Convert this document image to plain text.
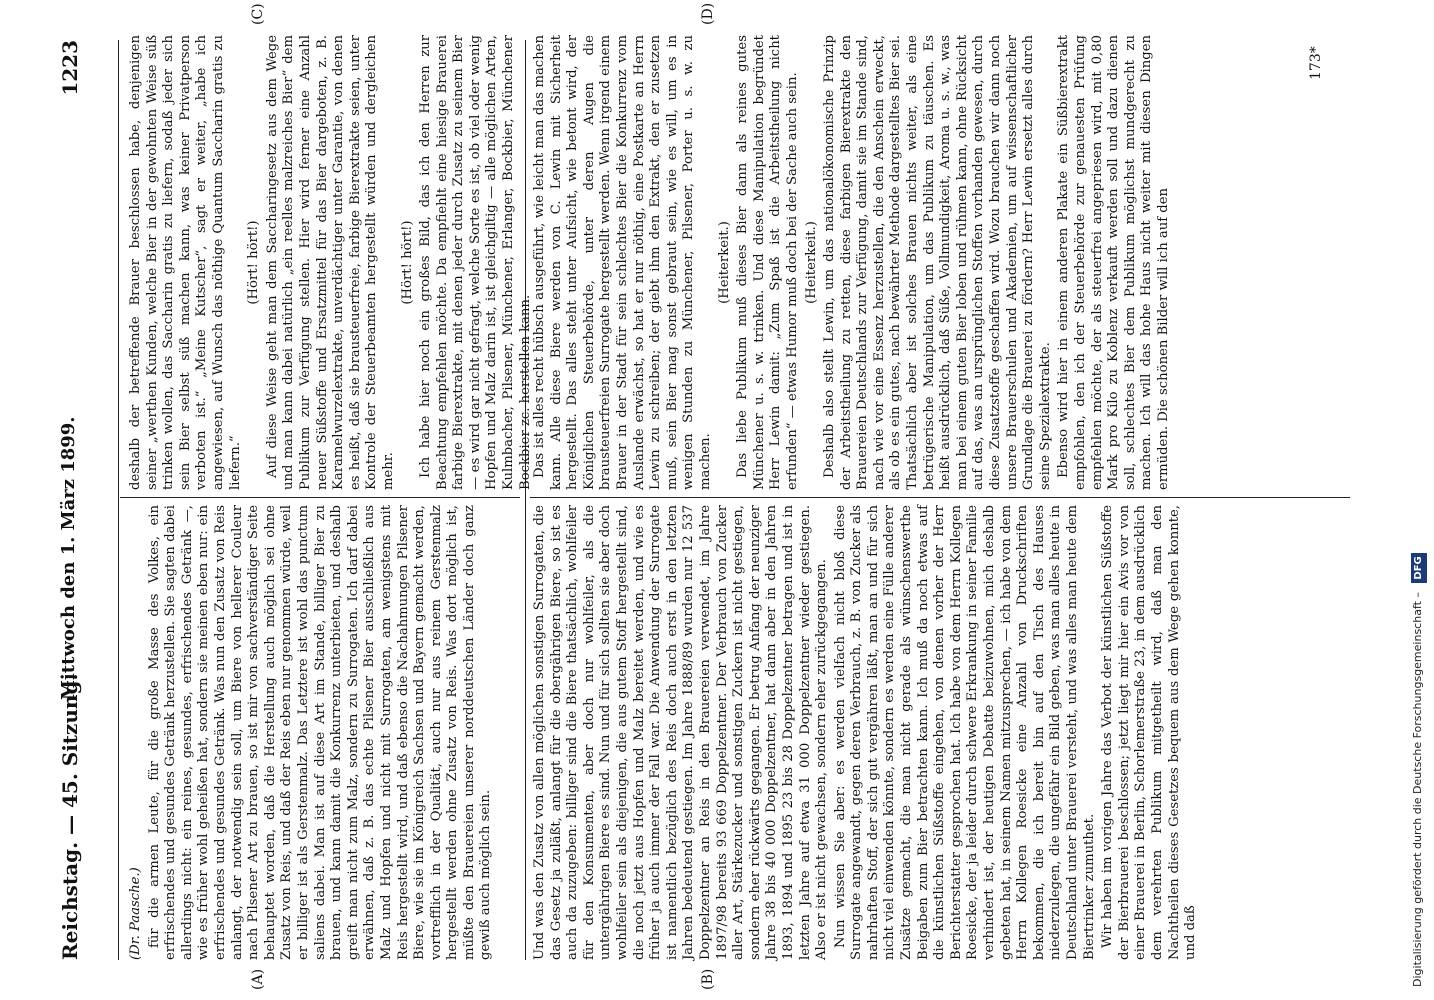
Reichstag. — 45. Sitzung.
Mittwoch den 1. März 1899.
1223
(A)	(B)
(C)	(D)

(Dr. Paasche.) für die armen Leute, für die große Masse des Volkes, ein erfrischendes und gesundes Getränk herzustellen. Sie sagten dabei allerdings nicht: ein reines, gesundes, erfrischendes Getränk —, wie es früher wohl geheißen hat, sondern sie meinen eben nur: ein erfrischendes und gesundes Getränk. Was nun den Zusatz von Reis anlangt, der notwendig sein soll, um Biere von hellerer Couleur nach Pilsener Art zu brauen, so ist mir von sachverständiger Seite behauptet worden, daß die Herstellung auch möglich sei ohne Zusatz von Reis, und daß der Reis eben nur genommen würde, weil er billiger ist als Gerstenmalz. Das Letztere ist wohl das punctum saliens dabei. Man ist auf diese Art im Stande, billiger Bier zu brauen, und kann damit die Konkurrenz unterbieten, und deshalb greift man nicht zum Malz, sondern zu Surrogaten. Ich darf dabei erwähnen, daß z. B. das echte Pilsener Bier ausschließlich aus Malz und Hopfen und nicht mit Surrogaten, am wenigstens mit Reis hergestellt wird, und daß ebenso die Nachahmungen Pilsener Biere, wie sie im Königreich Sachsen und Bayern gemacht werden, vortrefflich in der Qualität, auch nur aus reinem Gerstenmalz hergestellt werden ohne Zusatz von Reis. Was dort möglich ist, müßte den Brauereien unserer norddeutschen Länder doch ganz gewiß auch möglich sein.

deshalb der betreffende Brauer beschlossen habe, denjenigen seiner „werthen Kunden, welche Bier in der gewohnten Weise süß trinken wollen, das Saccharin gratis zu liefern, sodaß jeder sich sein Bier selbst süß machen kann, was keiner Privatperson verboten ist.“ „Meine Kutscher“, sagt er weiter, „habe ich angewiesen, auf Wunsch das nöthige Quantum Saccharin gratis zu liefern.“

(Hört! hört!) Auf diese Weise geht man dem Saccharingesetz aus dem Wege und man kann dabei natürlich „ein reelles malzreiches Bier“ dem Publikum zur Verfügung stellen. Hier wird ferner eine Anzahl neuer Süßstoffe und Ersatzmittel für das Bier dargeboten, z. B. Karamelwurzelextrakte, unverdächtiger unter Garantie, von denen es heißt, daß sie brausteuerfreie, farbige Bierextrakte seien, unter Kontrole der Steuerbeamten hergestellt würden und dergleichen mehr.

(Hört! hört!) Ich habe hier noch ein großes Bild, das ich den Herren zur Beachtung empfehlen möchte. Da empfiehlt eine hiesige Brauerei farbige Bierextrakte, mit denen jeder durch Zusatz zu seinem Bier — es wird gar nicht gefragt, welche Sorte es ist, ob viel oder wenig Hopfen und Malz darin ist, ist gleichgiltig — alle möglichen Arten, Kulmbacher, Pilsener, Münchener, Erlanger, Bockbier, Münchener Bockbier zc. herstellen kann.

Und was den Zusatz von allen möglichen sonstigen Surrogaten, die das Gesetz ja zuläßt, anlangt für die obergährigen Biere, so ist es auch da zuzugeben: billiger sind die Biere thatsächlich, wohlfeiler für den Konsumenten, aber doch nur wohlfeiler, als die untergährigen Biere es sind. Nun und für sich sollten sie aber doch wohlfeiler sein als diejenigen, die aus gutem Stoff hergestellt sind, die noch jetzt aus Hopfen und Malz bereitet werden, und wie es früher ja auch immer der Fall war. Die Anwendung der Surrogate ist namentlich bezüglich des Reis doch auch erst in den letzten Jahren bedeutend gestiegen. Im Jahre 1888/89 wurden nur 12 537 Doppelzentner an Reis in den Brauereien verwendet, im Jahre 1897/98 bereits 93 669 Doppelzentner. Der Verbrauch von Zucker aller Art, Stärkezucker und sonstigen Zuckern ist nicht gestiegen, sondern eher rückwärts gegangen. Er betrug Anfang der neunziger Jahre 38 bis 40 000 Doppelzentner, hat dann aber in den Jahren 1893, 1894 und 1895 23 bis 28 Doppelzentner betragen und ist in letzten Jahre auf etwa 31 000 Doppelzentner wieder gestiegen. Also er ist nicht gewachsen, sondern eher zurückgegangen. Nun wissen Sie aber: es werden vielfach nicht bloß diese Surrogate angewandt, gegen deren Verbrauch, z. B. von Zucker als nahrhaften Stoff, der sich gut vergähren läßt, man an und für sich nicht viel einwenden könnte, sondern es werden eine Fülle anderer Zusätze gemacht, die man nicht gerade als wünschenswerthe Beigaben zum Bier betrachten kann. Ich muß da noch etwas auf die künstlichen Süßstoffe eingehen, von denen vorher der Herr Berichterstatter gesprochen hat. Ich habe von dem Herrn Kollegen Roesicke, der ja leider durch schwere Erkrankung in seiner Familie verhindert ist, der heutigen Debatte beizuwohnen, mich deshalb gebeten hat, in seinem Namen mitzusprechen, — ich habe von dem Herrn Kollegen Roesicke eine Anzahl von Druckschriften bekommen, die ich bereit bin auf den Tisch des Hauses niederzulegen, die ungefähr ein Bild geben, was man alles heute in Deutschland unter Brauerei versteht, und was alles man heute dem Biertrinker zumuthet. Wir haben im vorigen Jahre das Verbot der künstlichen Süßstoffe der Bierbrauerei beschlossen; jetzt liegt mir hier ein Avis vor von einer Brauerei in Berlin, Schorlemerstraße 23, in dem ausdrücklich dem verehrten Publikum mitgetheilt wird, daß man den Nachtheilen dieses Gesetzes bequem aus dem Wege gehen konnte, und daß

Das ist alles recht hübsch ausgeführt, wie leicht man das machen kann. Alle diese Biere werden von C. Lewin mit Sicherheit hergestellt. Das alles steht unter Aufsicht, wie betont wird, der Königlichen Steuerbehörde, unter deren Augen die brausteuerfreien Surrogate hergestellt werden. Wenn irgend einem Brauer in der Stadt für sein schlechtes Bier die Konkurrenz vom Auslande erwächst, so hat er nur nöthig, eine Postkarte an Herrn Lewin zu schreiben; der giebt ihm den Extrakt, den er zusetzen muß, sein Bier mag sonst gebraut sein, wie es will, um es in wenigen Stunden zu Münchener, Pilsener, Porter u. s. w. zu machen.

(Heiterkeit.) Das liebe Publikum muß dieses Bier dann als reines gutes Münchener u. s. w. trinken. Und diese Manipulation begründet Herr Lewin damit: „Zum Spaß ist die Arbeitstheilung nicht erfunden“ — etwas Humor muß doch bei der Sache auch sein. (Heiterkeit.) Deshalb also stellt Lewin, um das nationalökonomische Prinzip der Arbeitstheilung zu retten, diese farbigen Bierextrakte den Brauereien Deutschlands zur Verfügung, damit sie im Stande sind, nach wie vor eine Essenz herzustellen, die den Anschein erweckt, als ob es ein gutes, nach bewährter Methode dargestelltes Bier sei. Thatsächlich aber ist solches Brauen nichts weiter, als eine betrügerische Manipulation, um das Publikum zu täuschen. Es heißt ausdrücklich, daß Süße, Vollmundigkeit, Aroma u. s. w., was man bei einem guten Bier loben und rühmen kann, ohne Rücksicht auf das, was an ursprünglichen Stoffen vorhanden gewesen, durch diese Zusatzstoffe geschaffen wird. Wozu brauchen wir dann noch unsere Brauerschulen und Akademien, um auf wissenschaftlicher Grundlage die Brauerei zu fördern? Herr Lewin ersetzt alles durch seine Spezialextrakte. Ebenso wird hier in einem anderen Plakate ein Süßbierextrakt empfohlen, den ich der Steuerbehörde zur genauesten Prüfung empfehlen möchte, der als steuerfrei angepriesen wird, mit 0,80 Mark pro Kilo zu Koblenz verkauft werden soll und dazu dienen soll, schlechtes Bier dem Publikum möglichst mundgerecht zu machen. Ich will das hohe Haus nicht weiter mit diesen Dingen ermüden. Die schönen Bilder will ich auf den

173*
Digitalisierung gefördert durch die Deutsche Forschungsgemeinschaft – DFG
